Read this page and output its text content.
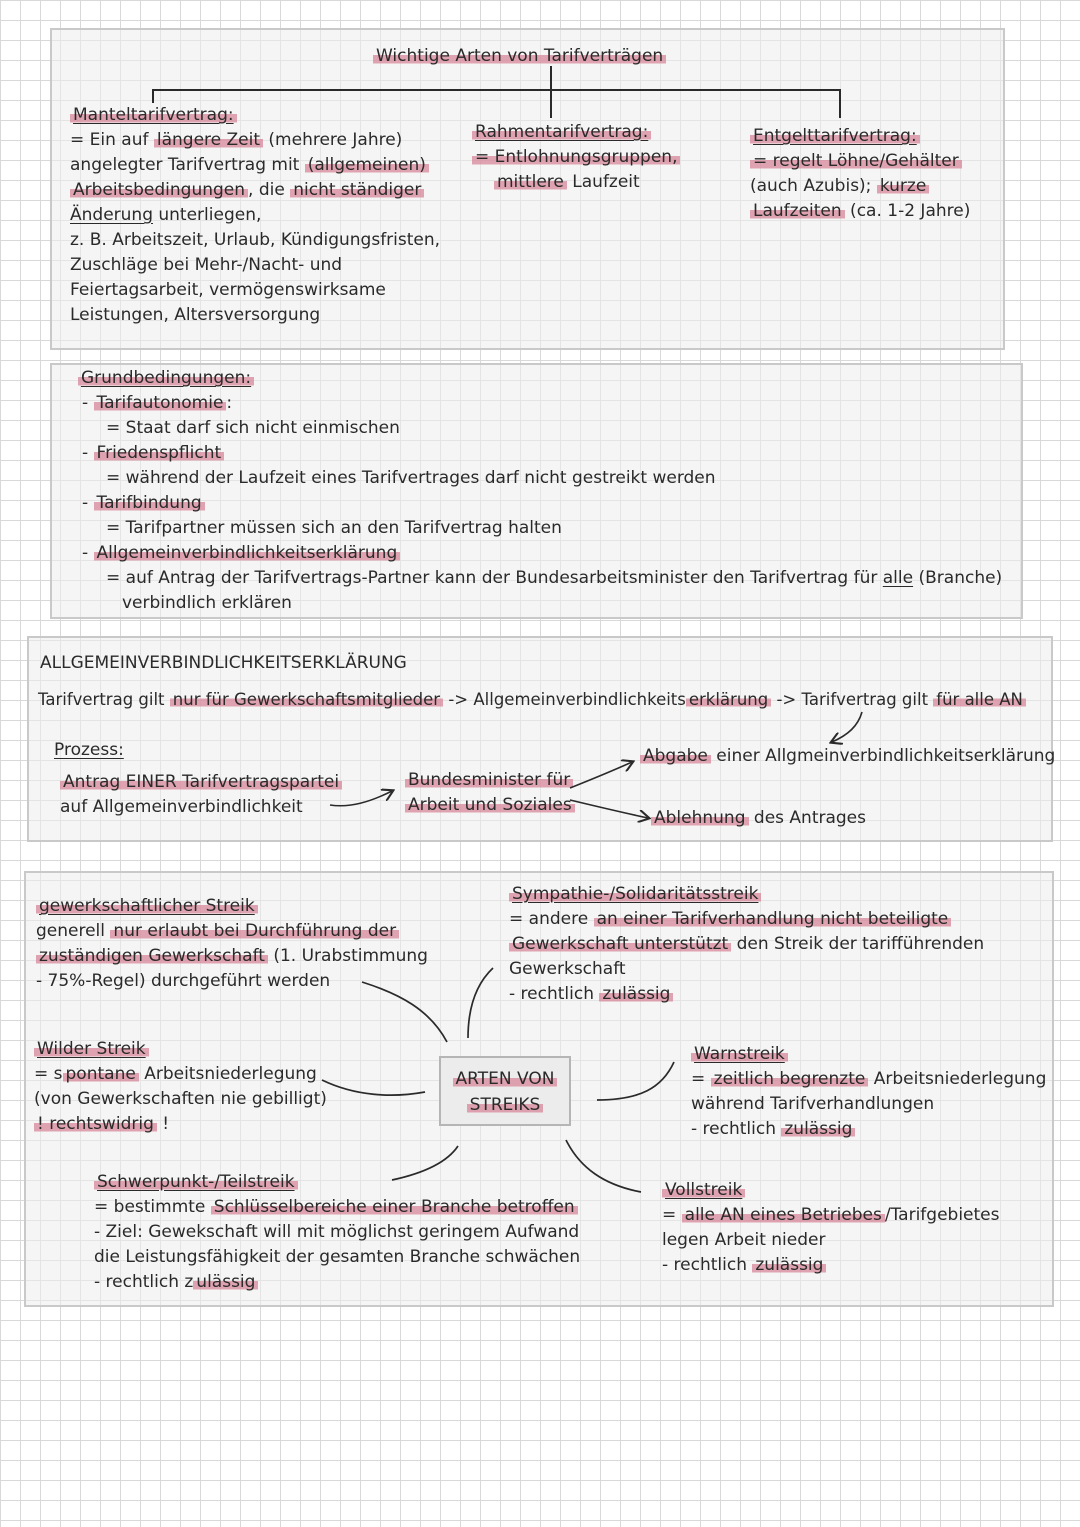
Wichtige Arten von Tarifverträgen
Manteltarifvertrag:
= Ein auf längere Zeit (mehrere Jahre)
angelegter Tarifvertrag mit (allgemeinen)
Arbeitsbedingungen , die nicht ständiger
Änderung unterliegen,
z. B. Arbeitszeit, Urlaub, Kündigungsfristen,
Zuschläge bei Mehr-/Nacht- und
Feiertagsarbeit, vermögenswirksame
Leistungen, Altersversorgung
Rahmentarifvertrag:
= Entlohnungsgruppen,
mittlere Laufzeit
Entgelttarifvertrag:
= regelt Löhne/Gehälter
(auch Azubis); kurze
Laufzeiten (ca. 1-2 Jahre)
Grundbedingungen:
- Tarifautonomie :
= Staat darf sich nicht einmischen
- Friedenspflicht
= während der Laufzeit eines Tarifvertrages darf nicht gestreikt werden
- Tarifbindung
= Tarifpartner müssen sich an den Tarifvertrag halten
- Allgemeinverbindlichkeitserklärung
= auf Antrag der Tarifvertrags-Partner kann der Bundesarbeitsminister den Tarifvertrag für alle (Branche)
verbindlich erklären
ALLGEMEINVERBINDLICHKEITSERKLÄRUNG
Tarifvertrag gilt nur für Gewerkschaftsmitglieder -> Allgemeinverbindlichkeits erklärung -> Tarifvertrag gilt für alle AN
Prozess:
Antrag EINER Tarifvertragspartei
auf Allgemeinverbindlichkeit
Bundesminister für
Arbeit und Soziales
Abgabe einer Allgmeinverbindlichkeitserklärung
Ablehnung des Antrages
ARTEN VON
STREIKS
gewerkschaftlicher Streik
generell nur erlaubt bei Durchführung der
zuständigen Gewerkschaft (1. Urabstimmung
- 75%-Regel) durchgeführt werden
Sympathie-/Solidaritätsstreik
= andere an einer Tarifverhandlung nicht beteiligte
Gewerkschaft unterstützt den Streik der tarifführenden
Gewerkschaft
- rechtlich zulässig
Wilder Streik
= s pontane Arbeitsniederlegung
(von Gewerkschaften nie gebilligt)
! rechtswidrig !
Warnstreik
= zeitlich begrenzte Arbeitsniederlegung
während Tarifverhandlungen
- rechtlich zulässig
Schwerpunkt-/Teilstreik
= bestimmte Schlüsselbereiche einer Branche betroffen
- Ziel: Gewekschaft will mit möglichst geringem Aufwand
die Leistungsfähigkeit der gesamten Branche schwächen
- rechtlich z ulässig
Vollstreik
= alle AN eines Betriebes /Tarifgebietes
legen Arbeit nieder
- rechtlich zulässig
